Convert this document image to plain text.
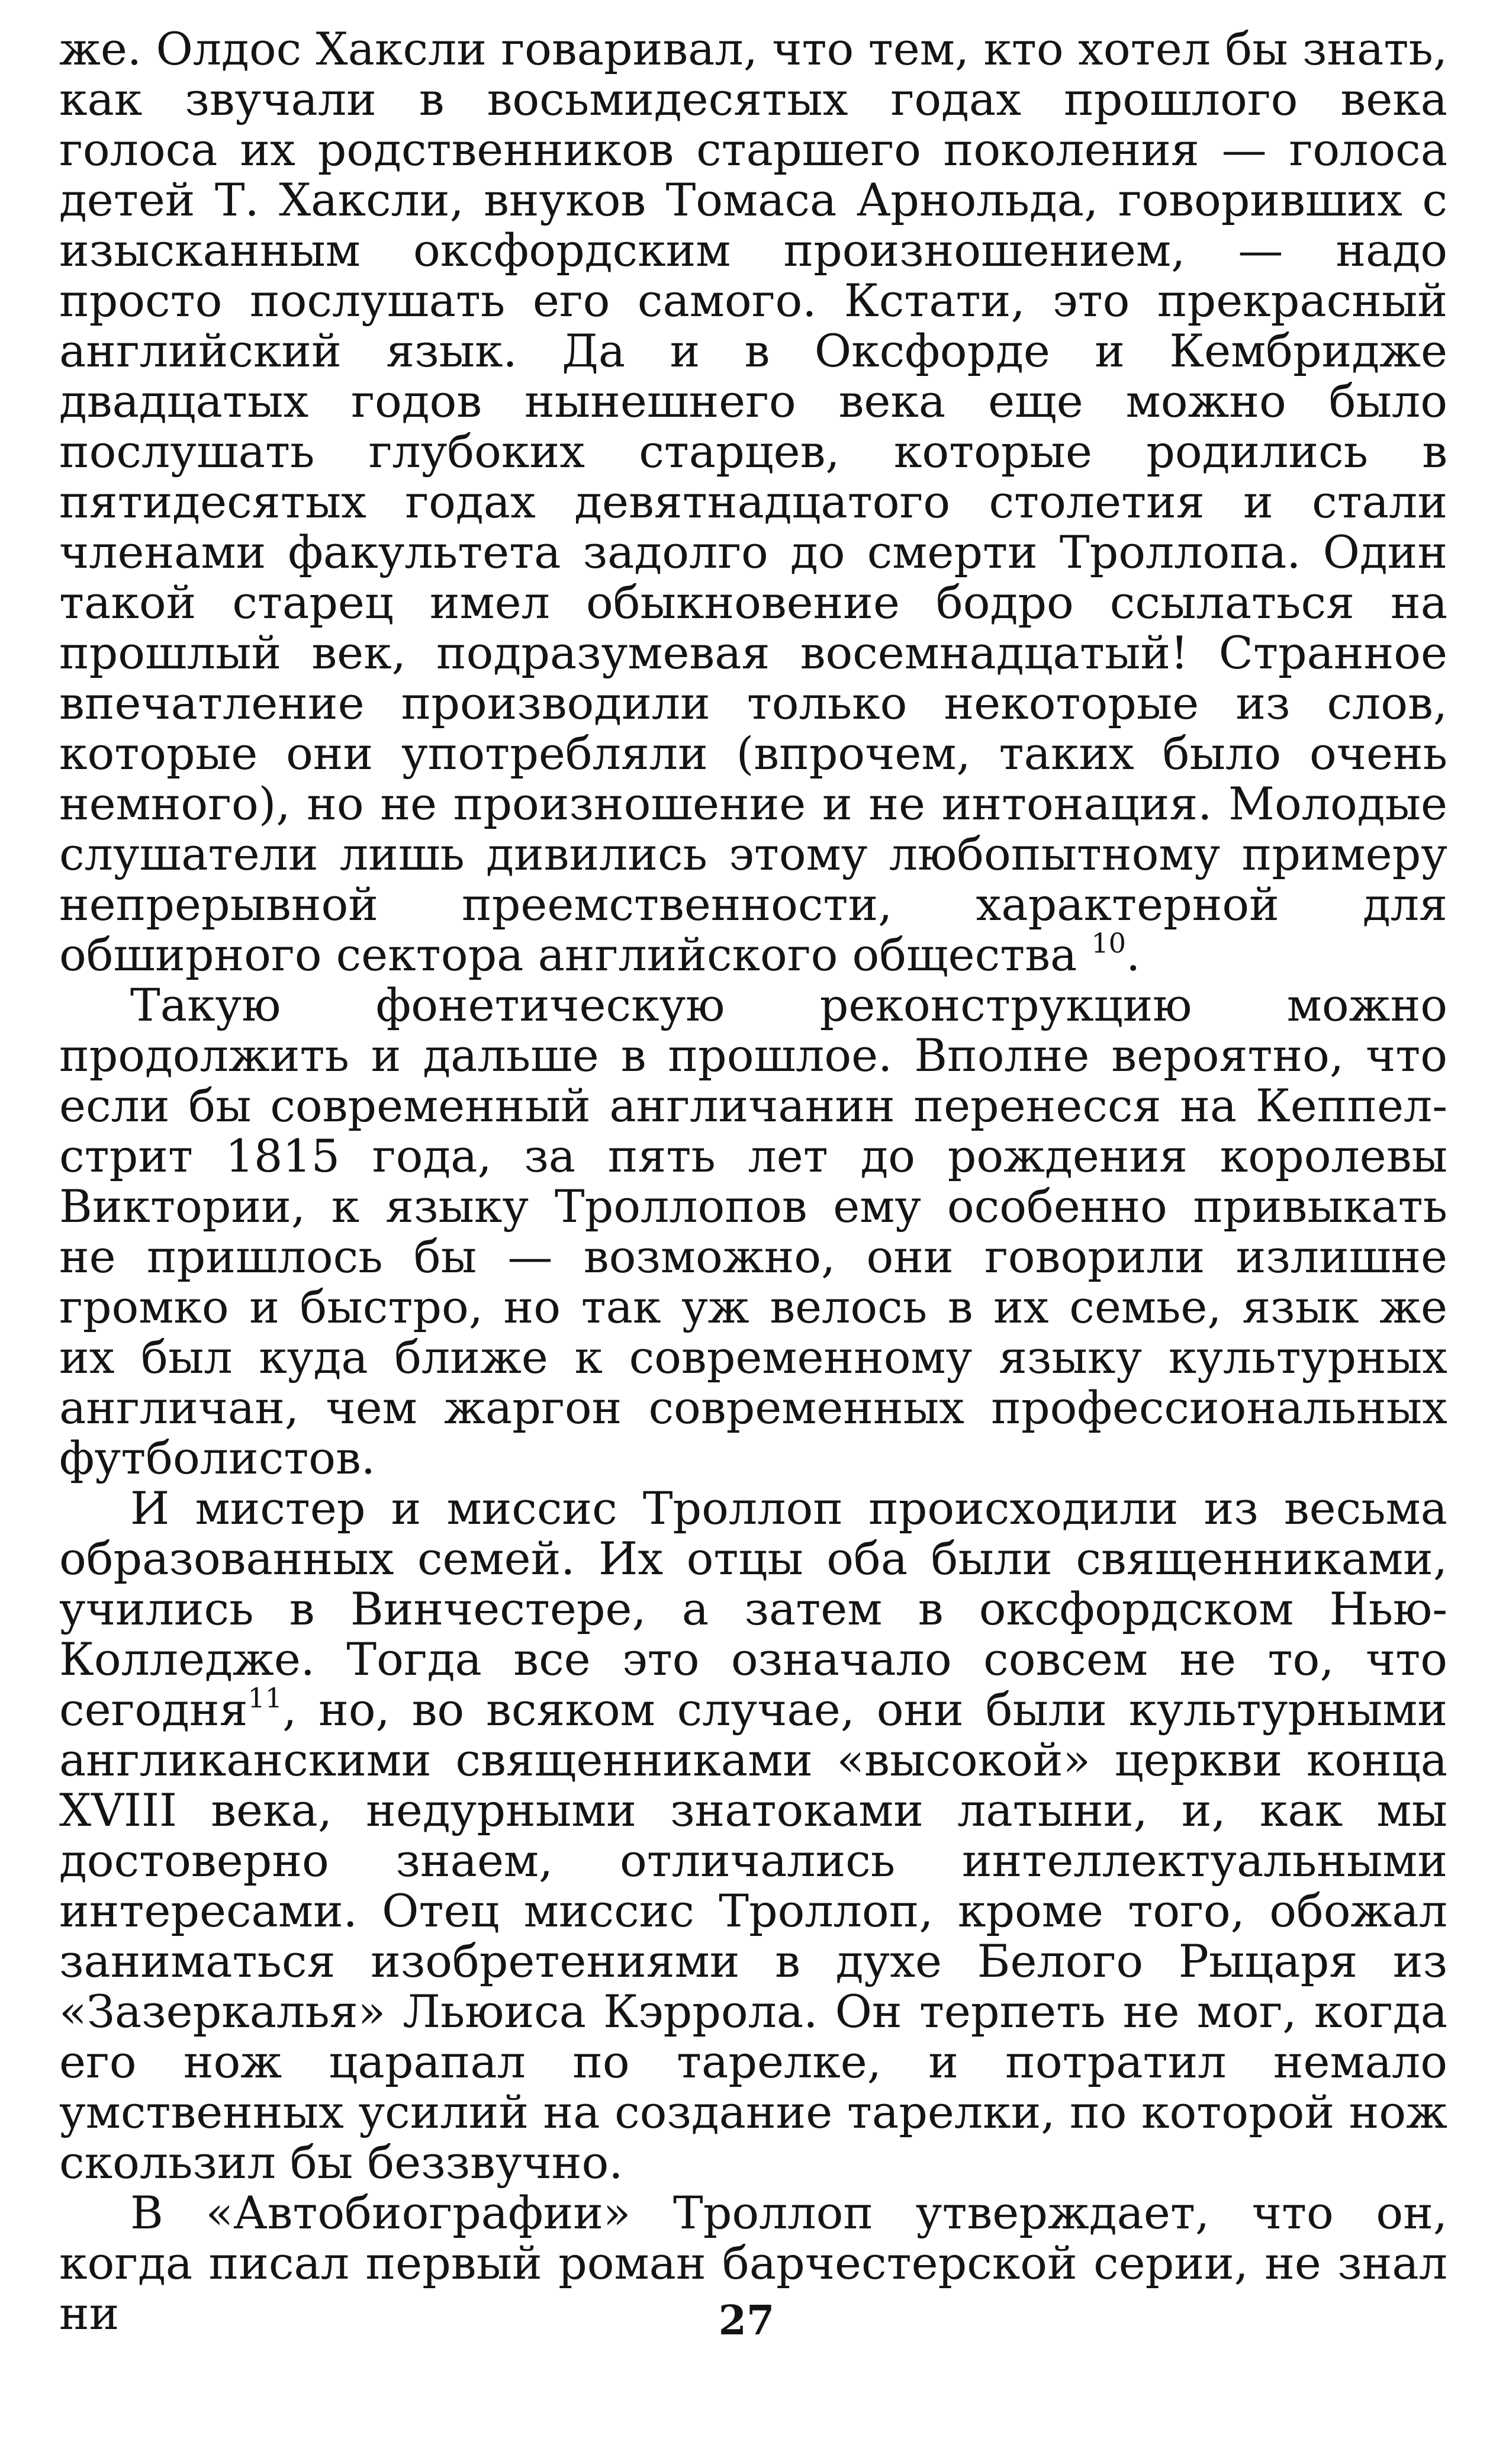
же. Олдос Хаксли говаривал, что тем, кто хотел бы знать, как звучали в восьмидесятых годах прошлого века голоса их родственников старшего поколения — голоса детей Т. Хаксли, внуков Томаса Арнольда, говоривших с изысканным оксфордским произношением, — надо просто послушать его самого. Кстати, это прекрасный английский язык. Да и в Оксфорде и Кембридже двадцатых годов нынешнего века еще можно было послушать глубоких старцев, которые родились в пятидесятых годах девятнадцатого столетия и стали членами факультета задолго до смерти Троллопа. Один такой старец имел обыкновение бодро ссылаться на прошлый век, подразумевая восемнадцатый! Странное впечатление производили только некоторые из слов, которые они употребляли (впрочем, таких было очень немного), но не произношение и не интонация. Молодые слушатели лишь дивились этому любопытному примеру непрерывной преемственности, характерной для обширного сектора английского общества $^{10}$.

Такую фонетическую реконструкцию можно продолжить и дальше в прошлое. Вполне вероятно, что если бы современный англичанин перенесся на Кеппел-стрит 1815 года, за пять лет до рождения королевы Виктории, к языку Троллопов ему особенно привыкать не пришлось бы — возможно, они говорили излишне громко и быстро, но так уж велось в их семье, язык же их был куда ближе к современному языку культурных англичан, чем жаргон современных профессиональных футболистов.

И мистер и миссис Троллоп происходили из весьма образованных семей. Их отцы оба были священниками, учились в Винчестере, а затем в оксфордском Нью-Колледже. Тогда все это означало совсем не то, что сегодня$^{11}$, но, во всяком случае, они были культурными англиканскими священниками «высокой» церкви конца XVIII века, недурными знатоками латыни, и, как мы достоверно знаем, отличались интеллектуальными интересами. Отец миссис Троллоп, кроме того, обожал заниматься изобретениями в духе Белого Рыцаря из «Зазеркалья» Льюиса Кэррола. Он терпеть не мог, когда его нож царапал по тарелке, и потратил немало умственных усилий на создание тарелки, по которой нож скользил бы беззвучно.

В «Автобиографии» Троллоп утверждает, что он, когда писал первый роман барчестерской серии, не знал ни	27
